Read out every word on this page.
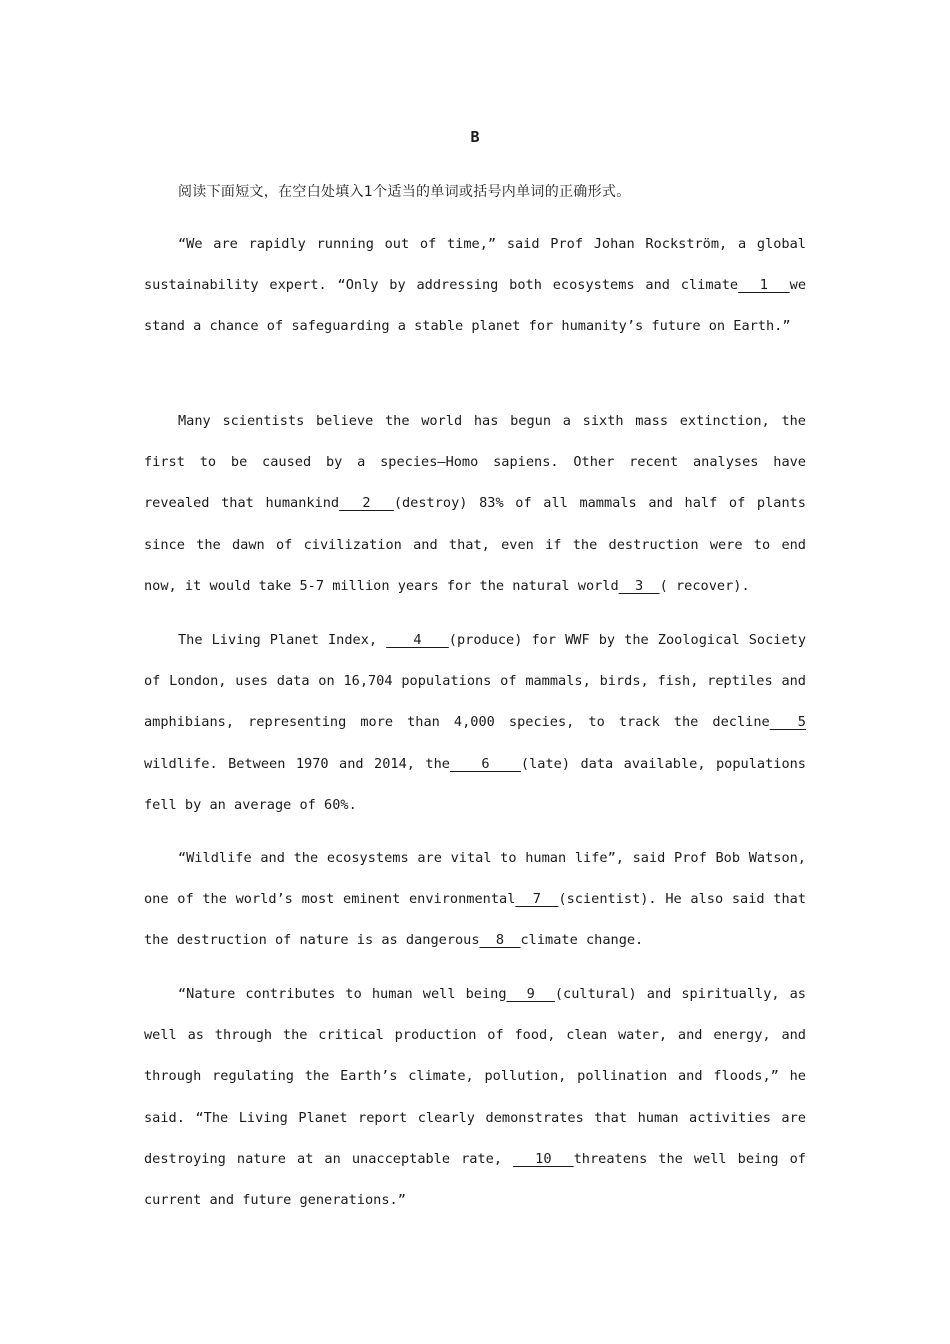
B
阅读下面短文，在空白处填入1个适当的单词或括号内单词的正确形式。

“We are rapidly running out of time,” said Prof Johan Rockström, a global sustainability expert. “Only by addressing both ecosystems and climate  1  we stand a chance of safeguarding a stable planet for humanity’s future on Earth.”

Many scientists believe the world has begun a sixth mass extinction, the first to be caused by a species—Homo sapiens. Other recent analyses have revealed that humankind  2  (destroy) 83% of all mammals and half of plants since the dawn of civilization and that, even if the destruction were to end now, it would take 5-7 million years for the natural world  3  ( recover).

The Living Planet Index,    4   (produce) for WWF by the Zoological Society of London, uses data on 16,704 populations of mammals, birds, fish, reptiles and amphibians, representing more than 4,000 species, to track the decline  5 wildlife. Between 1970 and 2014, the   6   (late) data available, populations fell by an average of 60%.

“Wildlife and the ecosystems are vital to human life”, said Prof Bob Watson, one of the world’s most eminent environmental  7  (scientist). He also said that the destruction of nature is as dangerous  8  climate change.

“Nature contributes to human well being  9  (cultural) and spiritually, as well as through the critical production of food, clean water, and energy, and through regulating the Earth’s climate, pollution, pollination and floods,” he said. “The Living Planet report clearly demonstrates that human activities are destroying nature at an unacceptable rate,   10  threatens the well being of current and future generations.”
